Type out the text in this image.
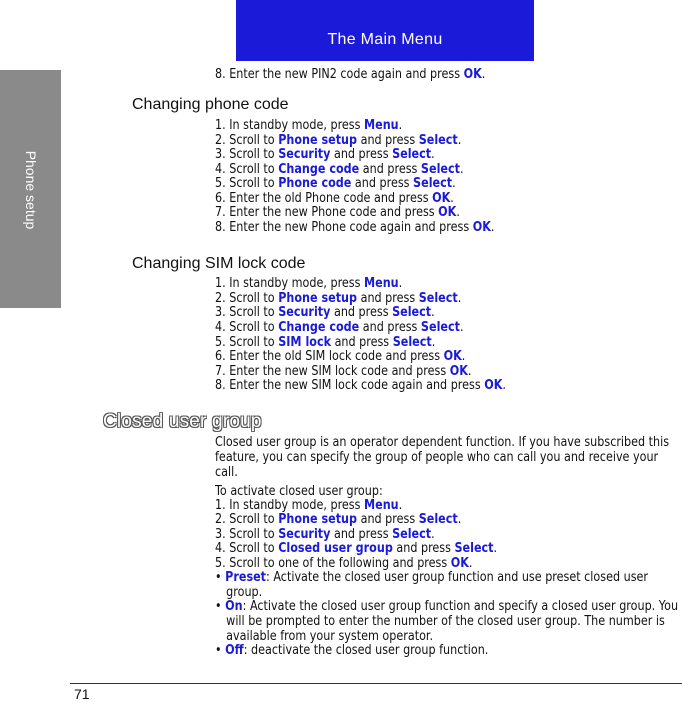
The Main Menu
Phone setup
8. Enter the new PIN2 code again and press OK.
Changing phone code
1. In standby mode, press Menu.
2. Scroll to Phone setup and press Select.
3. Scroll to Security and press Select.
4. Scroll to Change code and press Select.
5. Scroll to Phone code and press Select.
6. Enter the old Phone code and press OK.
7. Enter the new Phone code and press OK.
8. Enter the new Phone code again and press OK.
Changing SIM lock code
1. In standby mode, press Menu.
2. Scroll to Phone setup and press Select.
3. Scroll to Security and press Select.
4. Scroll to Change code and press Select.
5. Scroll to SIM lock and press Select.
6. Enter the old SIM lock code and press OK.
7. Enter the new SIM lock code and press OK.
8. Enter the new SIM lock code again and press OK.
Closed user group
Closed user group is an operator dependent function. If you have subscribed this feature, you can specify the group of people who can call you and receive your call.
To activate closed user group:
1. In standby mode, press Menu.
2. Scroll to Phone setup and press Select.
3. Scroll to Security and press Select.
4. Scroll to Closed user group and press Select.
5. Scroll to one of the following and press OK.
• Preset: Activate the closed user group function and use preset closed user group.
• On: Activate the closed user group function and specify a closed user group. You will be prompted to enter the number of the closed user group. The number is available from your system operator.
• Off: deactivate the closed user group function.
71
